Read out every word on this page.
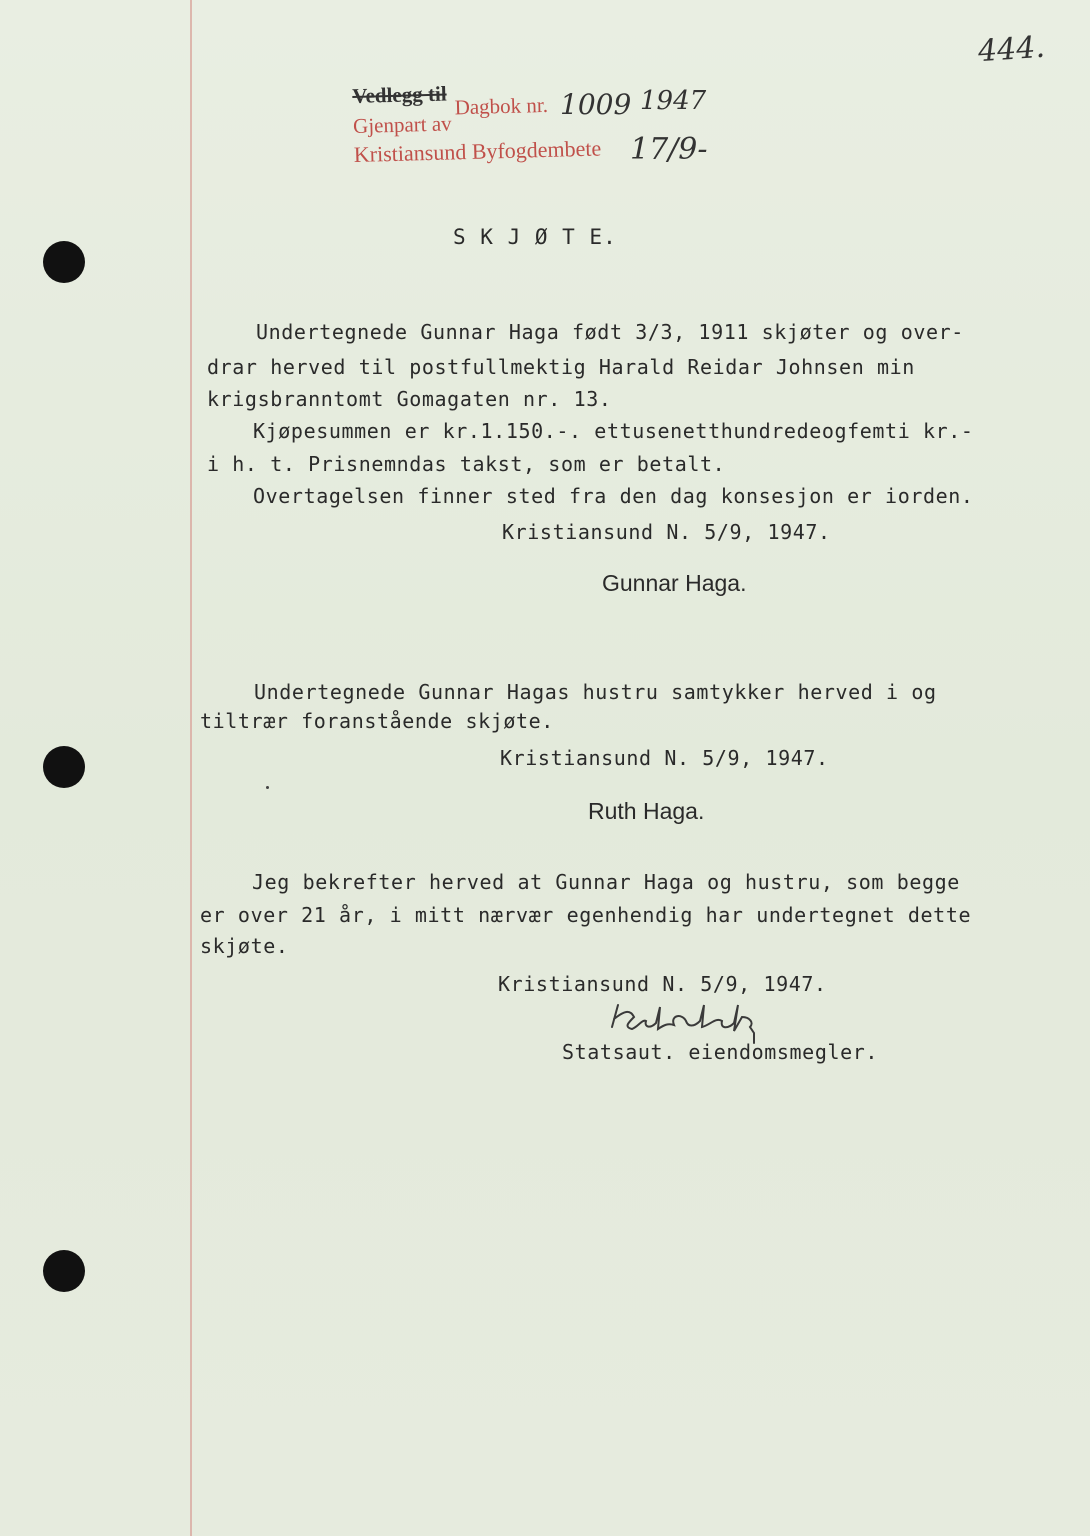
444.
Vedlegg til Dagbok nr.
Gjenpart av
Kristiansund Byfogdembete
1009 1947
17/9-
S K J Ø T E.
Undertegnede Gunnar Haga født 3/3, 1911 skjøter og over-
drar herved til postfullmektig Harald Reidar Johnsen min
krigsbranntomt Gomagaten nr. 13.
Kjøpesummen er kr.1.150.-. ettusenetthundredeogfemti kr.-
i h. t. Prisnemndas takst, som er betalt.
Overtagelsen finner sted fra den dag konsesjon er iorden.
Kristiansund N. 5/9, 1947.
Gunnar Haga.
Undertegnede Gunnar Hagas hustru samtykker herved i og
tiltrær foranstående skjøte.
Kristiansund N. 5/9, 1947.
Ruth Haga.
Jeg bekrefter herved at Gunnar Haga og hustru, som begge
er over 21 år, i mitt nærvær egenhendig har undertegnet dette
skjøte.
Kristiansund N. 5/9, 1947.
Statsaut. eiendomsmegler.
